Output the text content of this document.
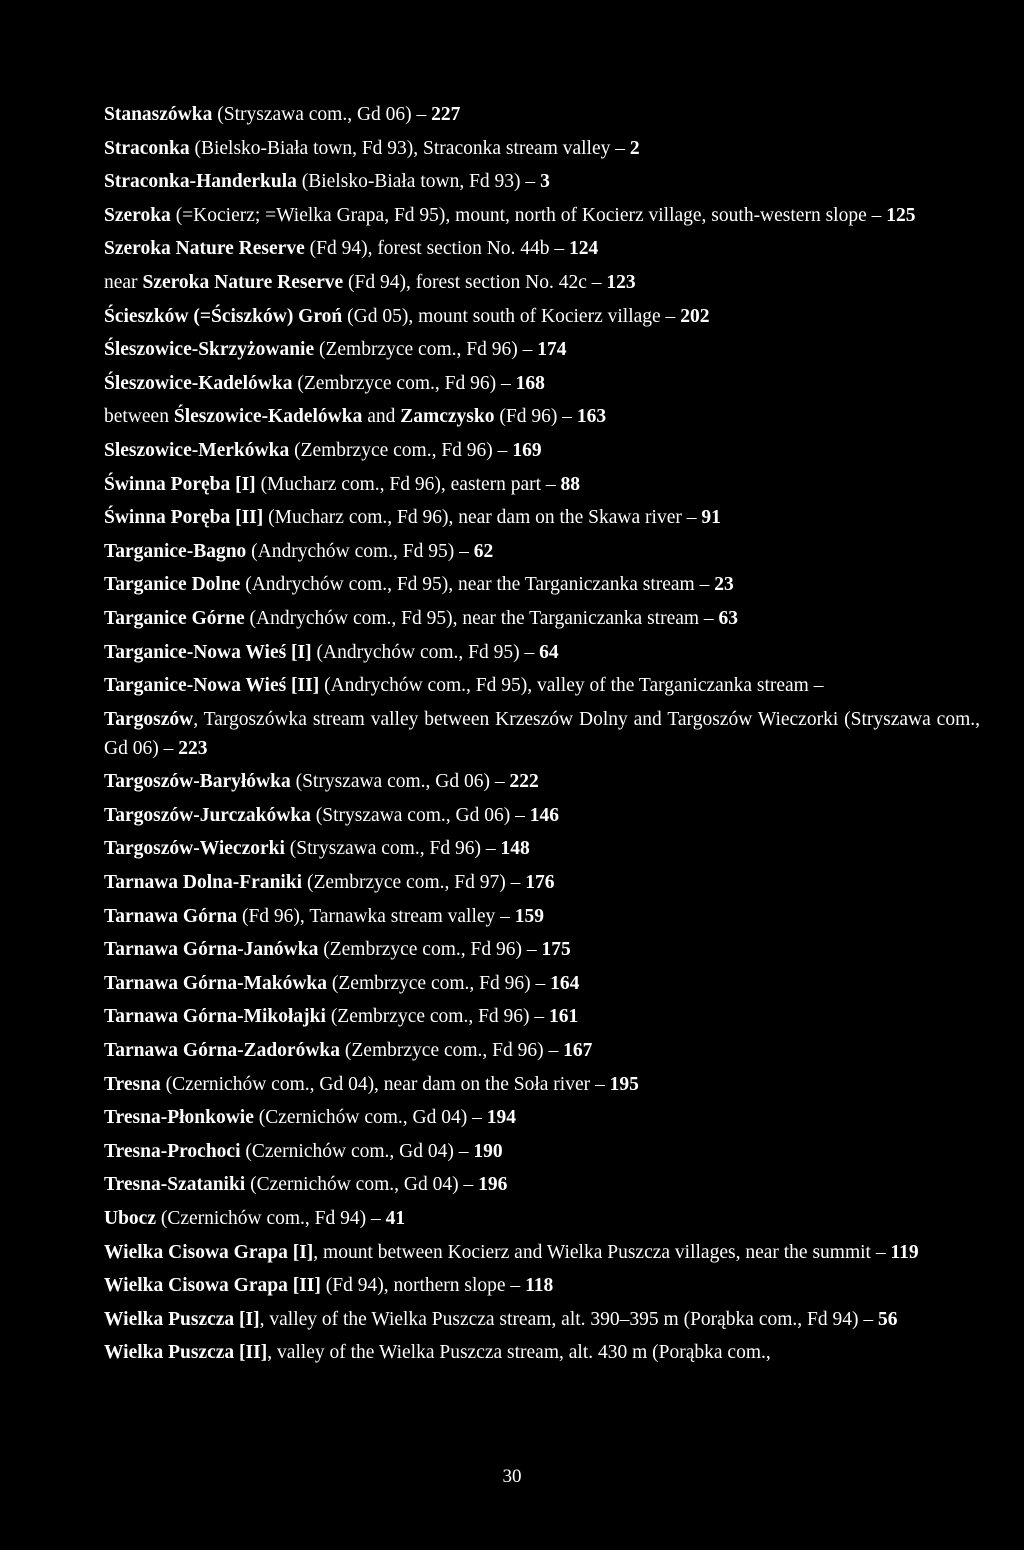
Stanaszówka (Stryszawa com., Gd 06) – 227
Straconka (Bielsko-Biała town, Fd 93), Straconka stream valley – 2
Straconka-Handerkula (Bielsko-Biała town, Fd 93) – 3
Szeroka (=Kocierz; =Wielka Grapa, Fd 95), mount, north of Kocierz village, south-western slope – 125
Szeroka Nature Reserve (Fd 94), forest section No. 44b – 124
near Szeroka Nature Reserve (Fd 94), forest section No. 42c – 123
Ścieszków (=Ściszków) Groń (Gd 05), mount south of Kocierz village – 202
Śleszowice-Skrzyżowanie (Zembrzyce com., Fd 96) – 174
Śleszowice-Kadelówka (Zembrzyce com., Fd 96) – 168
between Śleszowice-Kadelówka and Zamczysko (Fd 96) – 163
Sleszowice-Merkówka (Zembrzyce com., Fd 96) – 169
Świnna Poręba [I] (Mucharz com., Fd 96), eastern part – 88
Świnna Poręba [II] (Mucharz com., Fd 96), near dam on the Skawa river – 91
Targanice-Bagno (Andrychów com., Fd 95) – 62
Targanice Dolne (Andrychów com., Fd 95), near the Targaniczanka stream – 23
Targanice Górne (Andrychów com., Fd 95), near the Targaniczanka stream – 63
Targanice-Nowa Wieś [I] (Andrychów com., Fd 95) – 64
Targanice-Nowa Wieś [II] (Andrychów com., Fd 95), valley of the Targaniczanka stream –
Targoszów, Targoszówka stream valley between Krzeszów Dolny and Targoszów Wieczorki (Stryszawa com., Gd 06) – 223
Targoszów-Baryłówka (Stryszawa com., Gd 06) – 222
Targoszów-Jurczakówka (Stryszawa com., Gd 06) – 146
Targoszów-Wieczorki (Stryszawa com., Fd 96) – 148
Tarnawa Dolna-Franiki (Zembrzyce com., Fd 97) – 176
Tarnawa Górna (Fd 96), Tarnawka stream valley – 159
Tarnawa Górna-Janówka (Zembrzyce com., Fd 96) – 175
Tarnawa Górna-Makówka (Zembrzyce com., Fd 96) – 164
Tarnawa Górna-Mikołajki (Zembrzyce com., Fd 96) – 161
Tarnawa Górna-Zadorówka (Zembrzyce com., Fd 96) – 167
Tresna (Czernichów com., Gd 04), near dam on the Soła river – 195
Tresna-Płonkowie (Czernichów com., Gd 04) – 194
Tresna-Prochoci (Czernichów com., Gd 04) – 190
Tresna-Szataniki (Czernichów com., Gd 04) – 196
Ubocz (Czernichów com., Fd 94) – 41
Wielka Cisowa Grapa [I], mount between Kocierz and Wielka Puszcza villages, near the summit – 119
Wielka Cisowa Grapa [II] (Fd 94), northern slope – 118
Wielka Puszcza [I], valley of the Wielka Puszcza stream, alt. 390–395 m (Porąbka com., Fd 94) – 56
Wielka Puszcza [II], valley of the Wielka Puszcza stream, alt. 430 m (Porąbka com.,
30
